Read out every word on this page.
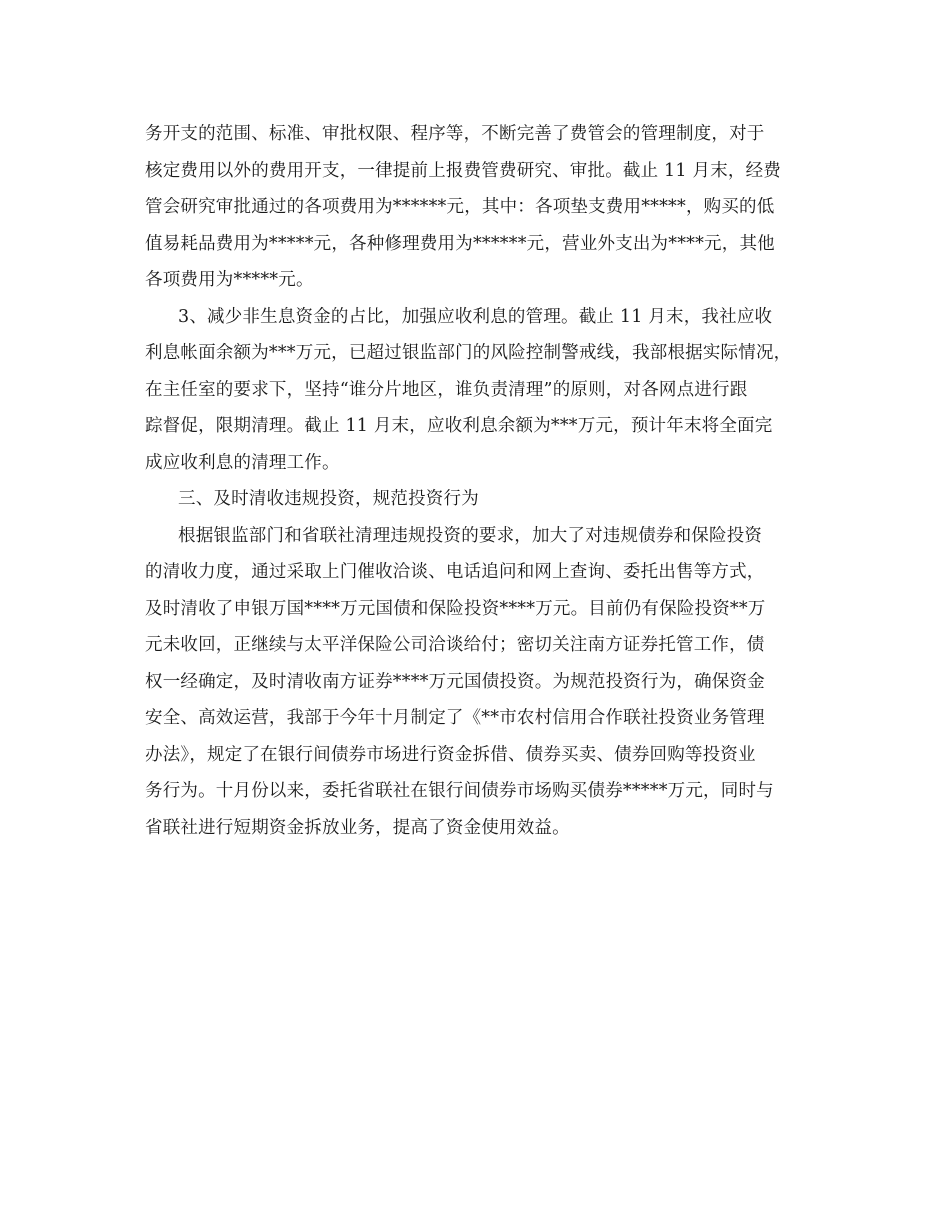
务开支的范围、标准、审批权限、程序等，不断完善了费管会的管理制度，对于
核定费用以外的费用开支，一律提前上报费管费研究、审批。截止 11 月末，经费
管会研究审批通过的各项费用为******元，其中：各项垫支费用*****，购买的低
值易耗品费用为*****元，各种修理费用为******元，营业外支出为****元，其他
各项费用为*****元。
3、减少非生息资金的占比，加强应收利息的管理。截止 11 月末，我社应收
利息帐面余额为***万元，已超过银监部门的风险控制警戒线，我部根据实际情况，
在主任室的要求下，坚持“谁分片地区，谁负责清理”的原则，对各网点进行跟
踪督促，限期清理。截止 11 月末，应收利息余额为***万元，预计年末将全面完
成应收利息的清理工作。
三、及时清收违规投资，规范投资行为
根据银监部门和省联社清理违规投资的要求，加大了对违规债券和保险投资
的清收力度，通过采取上门催收洽谈、电话追问和网上查询、委托出售等方式，
及时清收了申银万国****万元国债和保险投资****万元。目前仍有保险投资**万
元未收回，正继续与太平洋保险公司洽谈给付；密切关注南方证券托管工作，债
权一经确定，及时清收南方证券****万元国债投资。为规范投资行为，确保资金
安全、高效运营，我部于今年十月制定了《**市农村信用合作联社投资业务管理
办法》，规定了在银行间债券市场进行资金拆借、债券买卖、债券回购等投资业
务行为。十月份以来，委托省联社在银行间债券市场购买债券*****万元，同时与
省联社进行短期资金拆放业务，提高了资金使用效益。
